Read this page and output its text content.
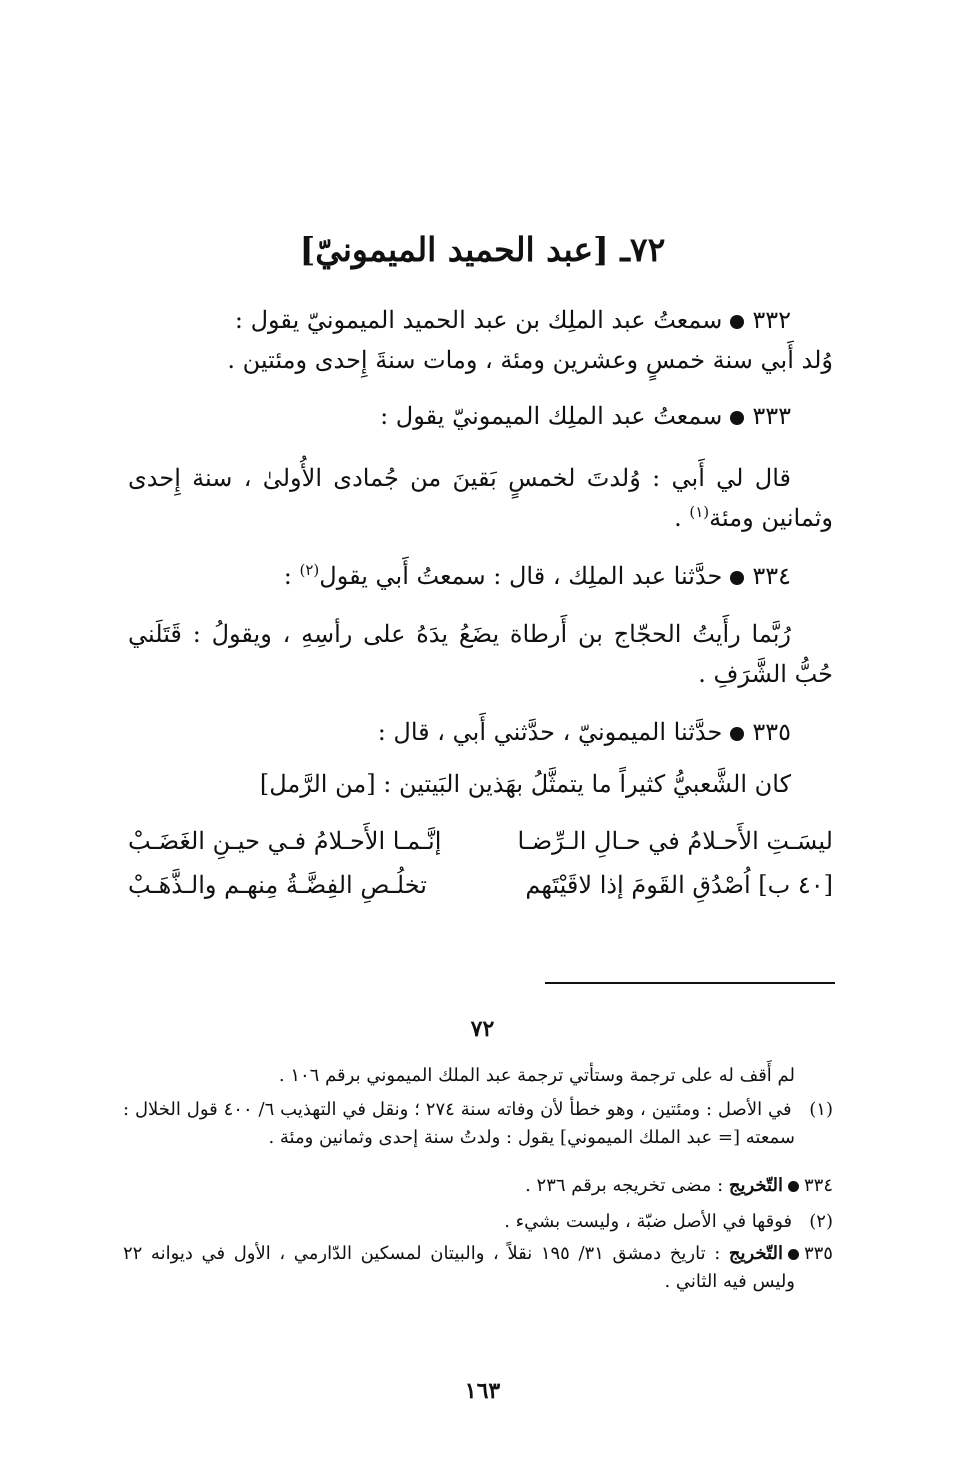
٧٢ـ [عبد الحميد الميمونيّ]
٣٣٢سمعتُ عبد الملِك بن عبد الحميد الميمونيّ يقول :
وُلد أَبي سنة خمسٍ وعشرين ومئة ، ومات سنةَ إِحدى ومئتين .
٣٣٣سمعتُ عبد الملِك الميمونيّ يقول :
قال لي أَبي : وُلدتَ لخمسٍ بَقينَ من جُمادى الأُولىٰ ، سنة إِحدى وثمانين ومئة$^{(١)}$ .
٣٣٤حدَّثنا عبد الملِك ، قال : سمعتُ أَبي يقول$^{(٢)}$ :
رُبَّما رأَيتُ الحجّاج بن أَرطاة يضَعُ يدَهُ على رأسِهِ ، ويقولُ : قَتَلَني حُبُّ الشَّرَفِ .
٣٣٥حدَّثنا الميمونيّ ، حدَّثني أَبي ، قال :
كان الشَّعبيُّ كثيراً ما يتمثَّلُ بهَذين البَيتين : [من الرَّمل]
ليسَـتِ الأَحـلامُ في حـالِ الـرِّضـا
إنَّـمـا الأَحـلامُ فـي حيـنِ الغَضَـبْ
[٤٠ ب] اُصْدُقِ القَومَ إذا لاقَيْتَهم
تخلُـصِ الفِضَّـةُ مِنهـم والـذَّهَـبْ
٧٢
لم أَقف له على ترجمة وستأتي ترجمة عبد الملك الميموني برقم ١٠٦ .
(١)   في الأصل : ومئتين ، وهو خطأ لأن وفاته سنة ٢٧٤ ؛ ونقل في التهذيب ٦/ ٤٠٠ قول الخلال : سمعته [= عبد الملك الميموني] يقول : ولدتُ سنة إحدى وثمانين ومئة .
٣٣٤التّخريج : مضى تخريجه برقم ٢٣٦ .
(٢)   فوقها في الأصل ضبّة ، وليست بشيء .
٣٣٥التّخريج : تاريخ دمشق ٣١/ ١٩٥ نقلاً ، والبيتان لمسكين الدّارمي ، الأول في ديوانه ٢٢ وليس فيه الثاني .
١٦٣
